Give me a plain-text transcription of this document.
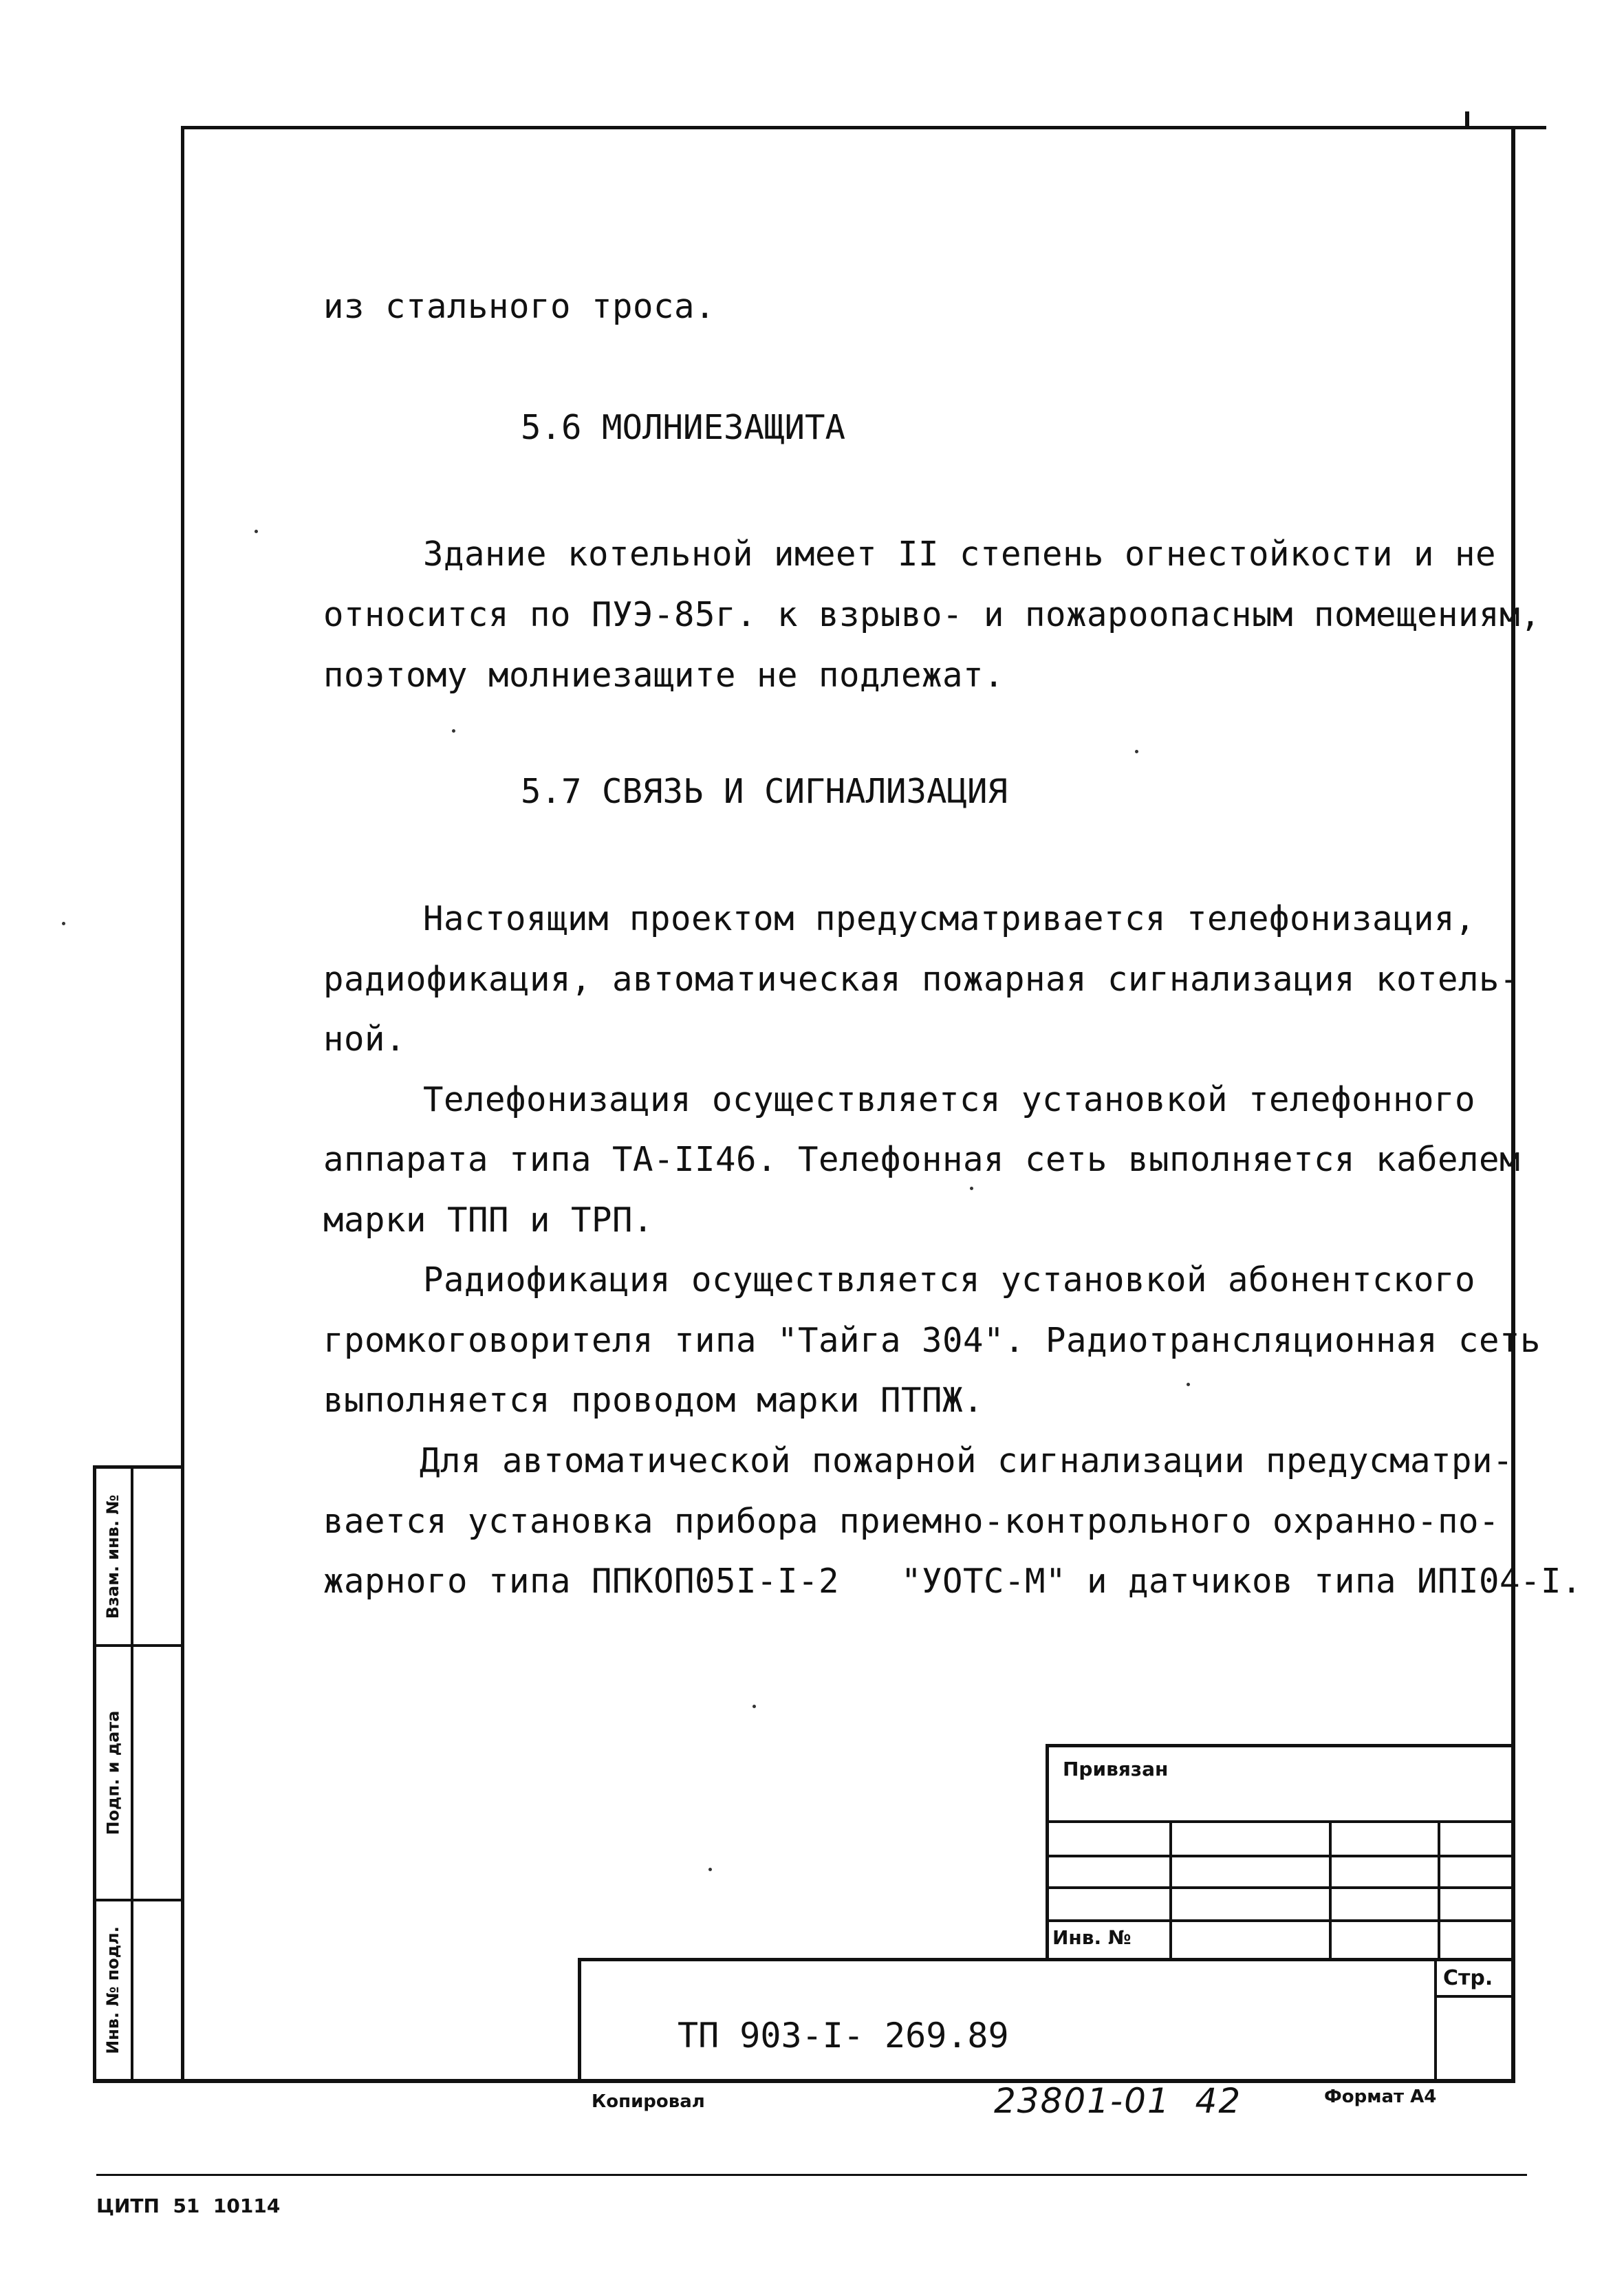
из стального троса.
5.6 МОЛНИЕЗАЩИТА
Здание котельной имеет II степень огнестойкости и не
относится по ПУЭ-85г. к взрыво- и пожароопасным помещениям,
поэтому молниезащите не подлежат.
5.7 СВЯЗЬ И СИГНАЛИЗАЦИЯ
Настоящим проектом предусматривается телефонизация,
радиофикация, автоматическая пожарная сигнализация котель-
ной.
Телефонизация осуществляется установкой телефонного
аппарата типа ТА-II46. Телефонная сеть выполняется кабелем
марки ТПП и ТРП.
Радиофикация осуществляется установкой абонентского
громкоговорителя типа "Тайга 304". Радиотрансляционная сеть
выполняется проводом марки ПТПЖ.
Для автоматической пожарной сигнализации предусматри-
вается установка прибора приемно-контрольного охранно-по-
жарного типа ППКОП05I-I-2   "УОТС-М" и датчиков типа ИПI04-I.
Взам. инв. №
Подп. и дата
Инв. № подл.
Привязан
Инв. №
Стр.
ТП 903-I- 269.89
Копировал	23801-01  42	Формат А4
ЦИТП  51  10114
